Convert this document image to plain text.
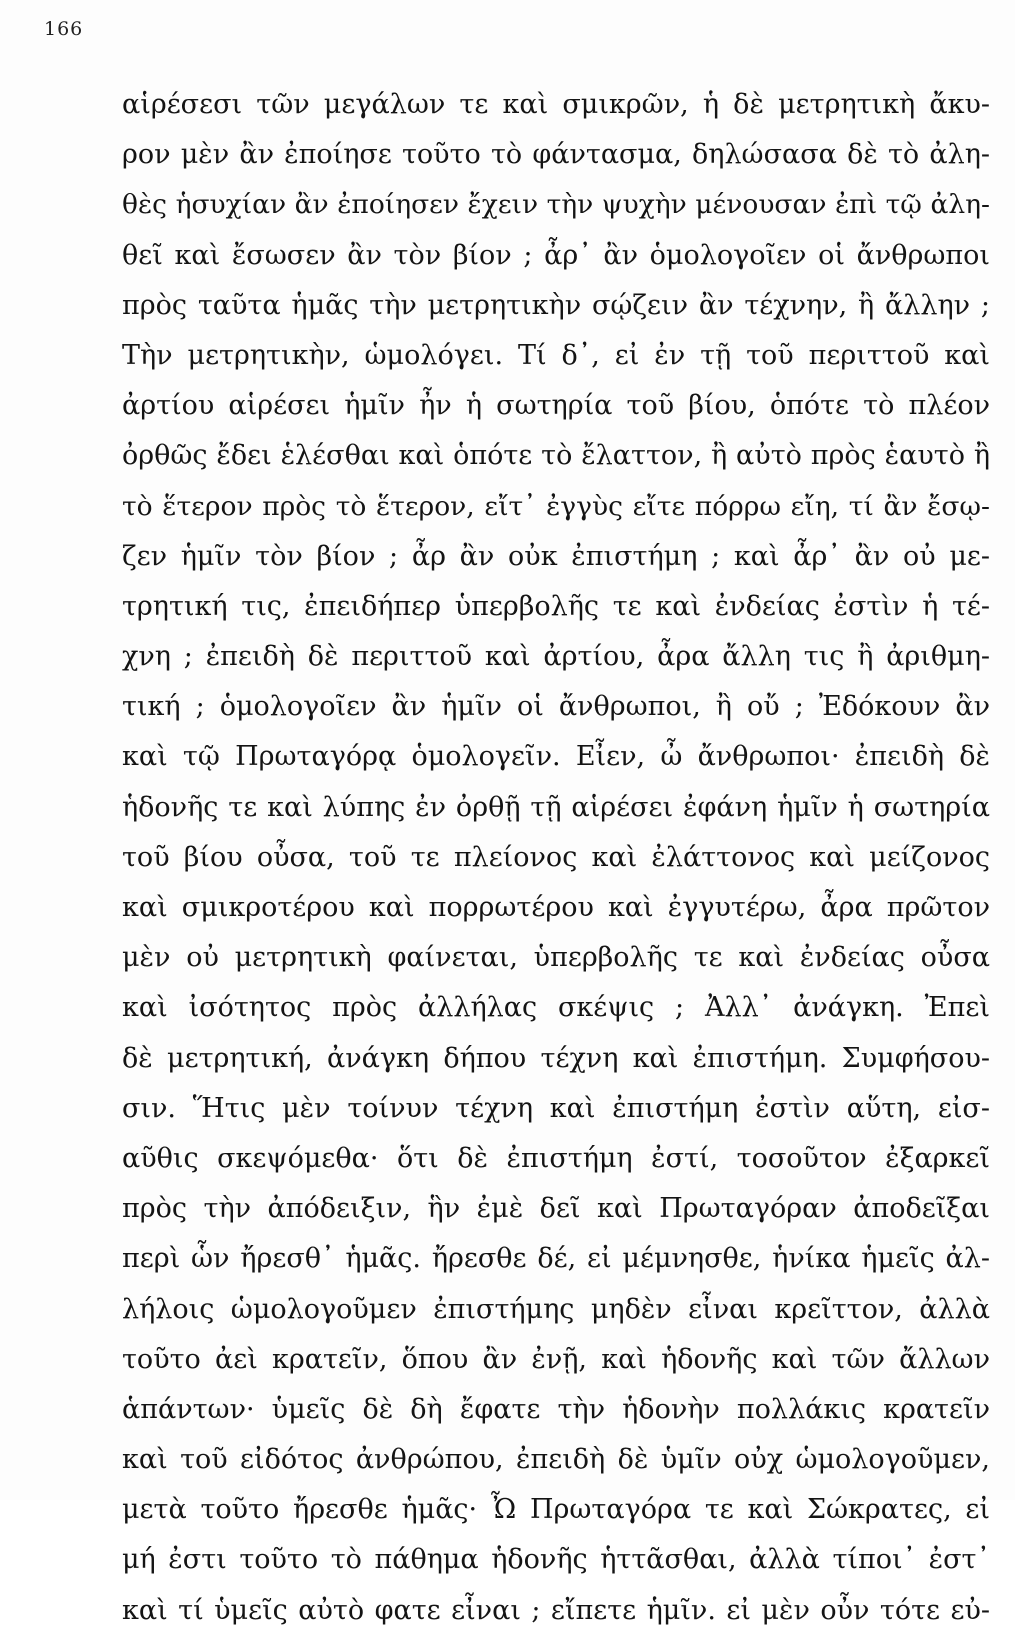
166
αἱρέσεσι τῶν μεγάλων τε καὶ σμικρῶν, ἡ δὲ μετρητικὴ ἄκυ-
ρον μὲν ἂν ἐποίησε τοῦτο τὸ φάντασμα, δηλώσασα δὲ τὸ ἀλη-
θὲς ἡσυχίαν ἂν ἐποίησεν ἔχειν τὴν ψυχὴν μένουσαν ἐπὶ τῷ ἀλη-
θεῖ καὶ ἔσωσεν ἂν τὸν βίον ; ἆρ᾽ ἂν ὁμολογοῖεν οἱ ἄνθρωποι
πρὸς ταῦτα ἡμᾶς τὴν μετρητικὴν σῴζειν ἂν τέχνην, ἢ ἄλλην ;
Τὴν μετρητικὴν, ὡμολόγει. Τί δ᾽, εἰ ἐν τῇ τοῦ περιττοῦ καὶ
ἀρτίου αἱρέσει ἡμῖν ἦν ἡ σωτηρία τοῦ βίου, ὁπότε τὸ πλέον
ὀρθῶς ἔδει ἑλέσθαι καὶ ὁπότε τὸ ἔλαττον, ἢ αὐτὸ πρὸς ἑαυτὸ ἢ
τὸ ἕτερον πρὸς τὸ ἕτερον, εἴτ᾽ ἐγγὺς εἴτε πόρρω εἴη, τί ἂν ἔσῳ-
ζεν ἡμῖν τὸν βίον ; ἆρ ἂν οὐκ ἐπιστήμη ; καὶ ἆρ᾽ ἂν οὐ με-
τρητική τις, ἐπειδήπερ ὑπερβολῆς τε καὶ ἐνδείας ἐστὶν ἡ τέ-
χνη ; ἐπειδὴ δὲ περιττοῦ καὶ ἀρτίου, ἆρα ἄλλη τις ἢ ἀριθμη-
τική ; ὁμολογοῖεν ἂν ἡμῖν οἱ ἄνθρωποι, ἢ οὔ ; Ἐδόκουν ἂν
καὶ τῷ Πρωταγόρᾳ ὁμολογεῖν. Εἶεν, ὦ ἄνθρωποι· ἐπειδὴ δὲ
ἡδονῆς τε καὶ λύπης ἐν ὀρθῇ τῇ αἱρέσει ἐφάνη ἡμῖν ἡ σωτηρία
τοῦ βίου οὖσα, τοῦ τε πλείονος καὶ ἐλάττονος καὶ μείζονος
καὶ σμικροτέρου καὶ πορρωτέρου καὶ ἐγγυτέρω, ἆρα πρῶτον
μὲν οὐ μετρητικὴ φαίνεται, ὑπερβολῆς τε καὶ ἐνδείας οὖσα
καὶ ἰσότητος πρὸς ἀλλήλας σκέψις ; Ἀλλ᾽ ἀνάγκη. Ἐπεὶ
δὲ μετρητική, ἀνάγκη δήπου τέχνη καὶ ἐπιστήμη. Συμφήσου-
σιν. Ἥτις μὲν τοίνυν τέχνη καὶ ἐπιστήμη ἐστὶν αὕτη, εἰσ-
αῦθις σκεψόμεθα· ὅτι δὲ ἐπιστήμη ἐστί, τοσοῦτον ἐξαρκεῖ
πρὸς τὴν ἀπόδειξιν, ἣν ἐμὲ δεῖ καὶ Πρωταγόραν ἀποδεῖξαι
περὶ ὧν ἤρεσθ᾽ ἡμᾶς. ἤρεσθε δέ, εἰ μέμνησθε, ἡνίκα ἡμεῖς ἀλ-
λήλοις ὡμολογοῦμεν ἐπιστήμης μηδὲν εἶναι κρεῖττον, ἀλλὰ
τοῦτο ἀεὶ κρατεῖν, ὅπου ἂν ἐνῇ, καὶ ἡδονῆς καὶ τῶν ἄλλων
ἁπάντων· ὑμεῖς δὲ δὴ ἔφατε τὴν ἡδονὴν πολλάκις κρατεῖν
καὶ τοῦ εἰδότος ἀνθρώπου, ἐπειδὴ δὲ ὑμῖν οὐχ ὡμολογοῦμεν,
μετὰ τοῦτο ἤρεσθε ἡμᾶς· Ὦ Πρωταγόρα τε καὶ Σώκρατες, εἰ
μή ἐστι τοῦτο τὸ πάθημα ἡδονῆς ἡττᾶσθαι, ἀλλὰ τίποι᾽ ἐστ᾽
καὶ τί ὑμεῖς αὐτὸ φατε εἶναι ; εἴπετε ἡμῖν. εἰ μὲν οὖν τότε εὐ-
